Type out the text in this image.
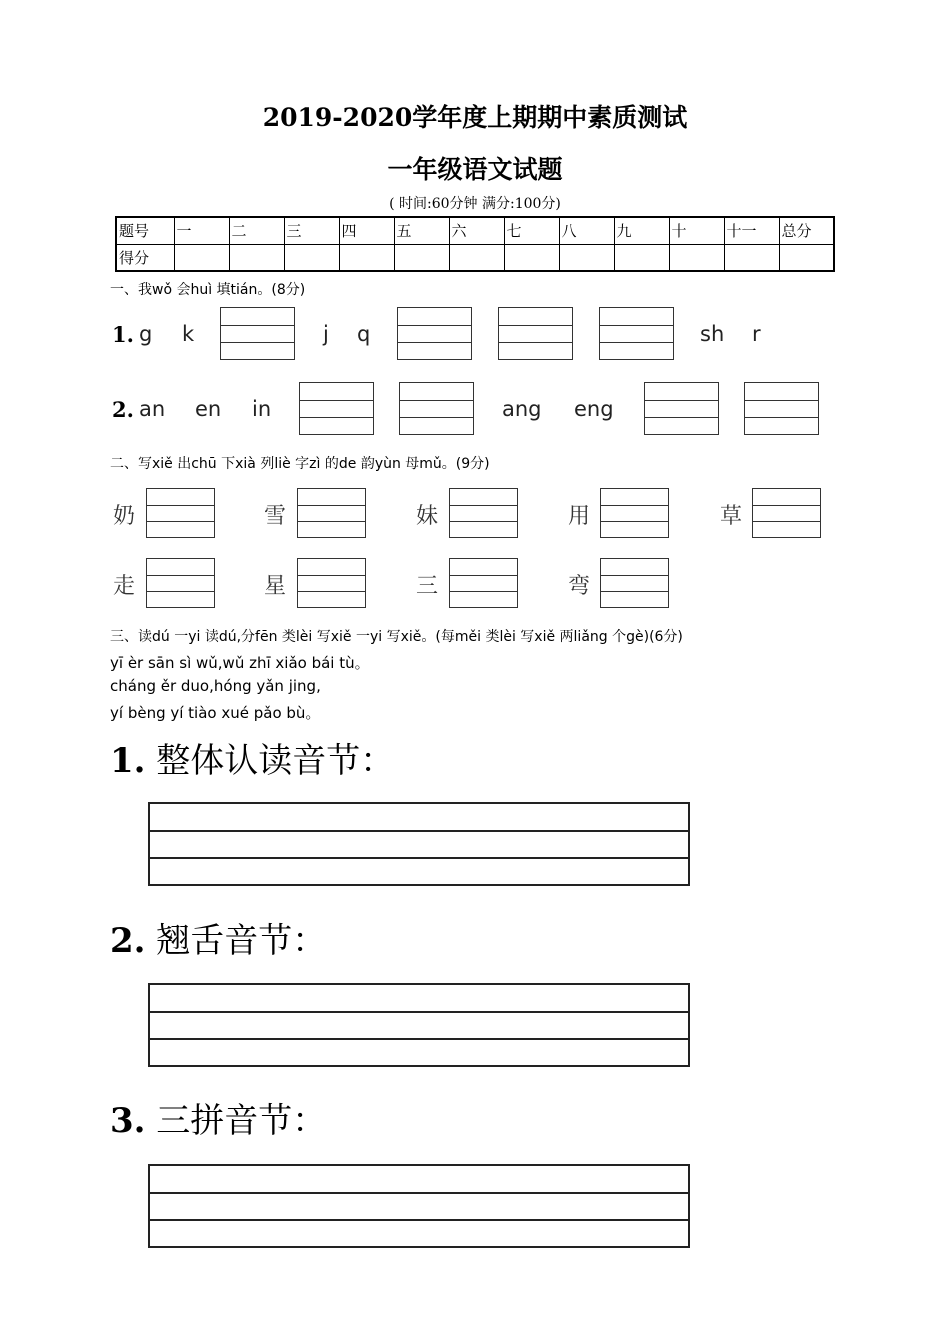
2019-2020学年度上期期中素质测试
一年级语文试题
( 时间:60分钟 满分:100分)
题号	一	二	三	四	五	六	七	八	九	十	十一	总分
得分												
一、我wǒ 会huì 填tián。(8分)
1. g k	j q	sh r
2. an en in	ang eng
二、写xiě 出chū 下xià 列liè 字zì 的de 韵yùn 母mǔ。(9分)
奶	雪	妹	用	草
走	星	三	弯
三、读dú 一yi 读dú,分fēn 类lèi 写xiě 一yi 写xiě。(每měi 类lèi 写xiě 两liǎng 个gè)(6分)
yī èr sān sì wǔ,wǔ zhī xiǎo bái tù。
cháng ěr duo,hóng yǎn jing,
yí bèng yí tiào xué pǎo bù。
1. 整体认读音节：
2. 翘舌音节：
3. 三拼音节：
